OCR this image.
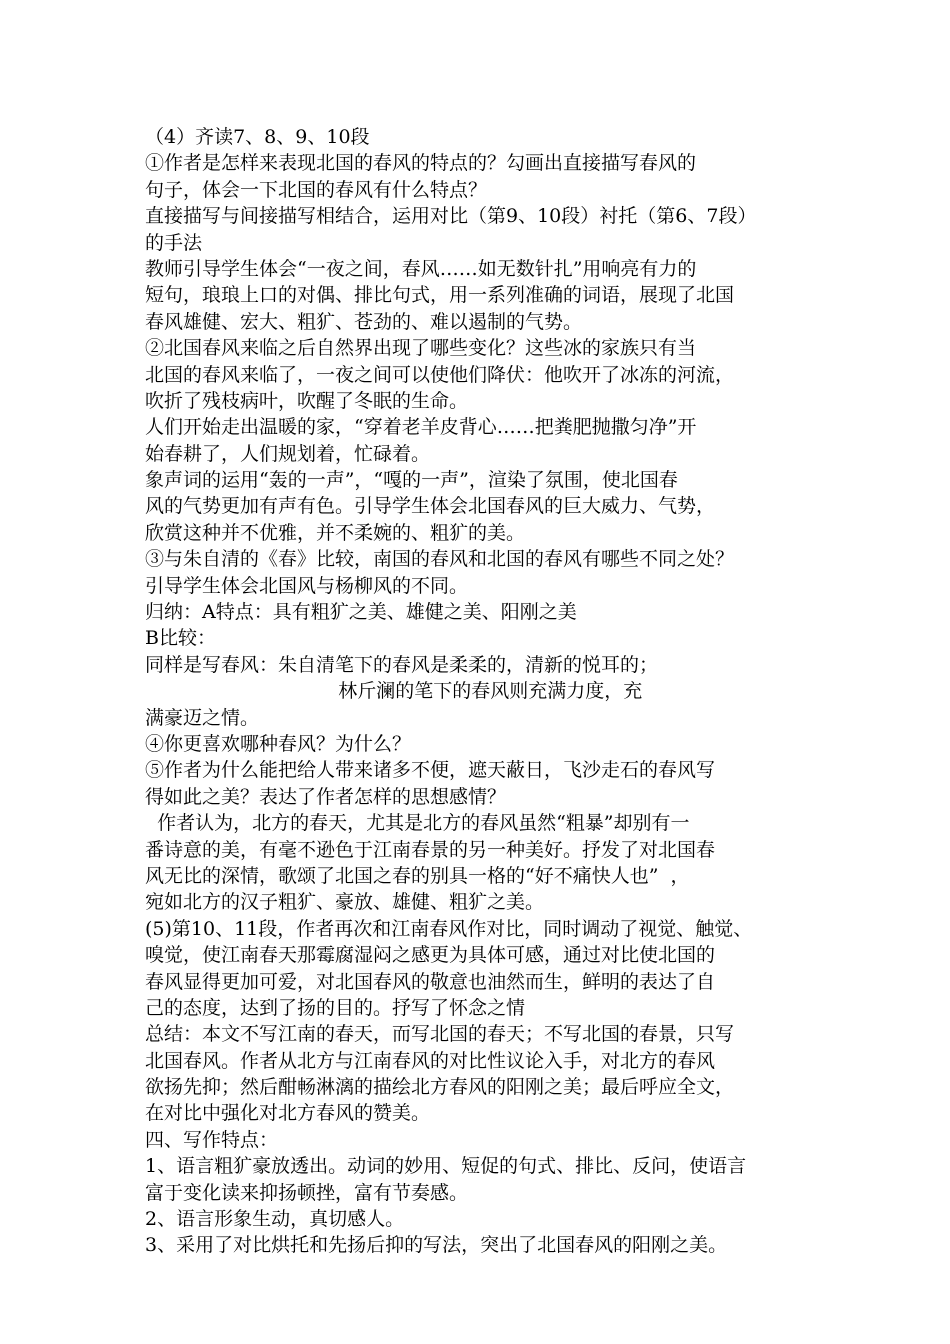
（4）齐读7、8、9、10段
①作者是怎样来表现北国的春风的特点的？勾画出直接描写春风的
句子，体会一下北国的春风有什么特点？
直接描写与间接描写相结合，运用对比（第9、10段）衬托（第6、7段）
的手法
教师引导学生体会“一夜之间，春风……如无数针扎”用响亮有力的
短句，琅琅上口的对偶、排比句式，用一系列准确的词语，展现了北国
春风雄健、宏大、粗犷、苍劲的、难以遏制的气势。
②北国春风来临之后自然界出现了哪些变化？这些冰的家族只有当
北国的春风来临了，一夜之间可以使他们降伏：他吹开了冰冻的河流，
吹折了残枝病叶，吹醒了冬眠的生命。
人们开始走出温暖的家，“穿着老羊皮背心……把粪肥抛撒匀净”开
始春耕了，人们规划着，忙碌着。
象声词的运用“轰的一声”，“嘎的一声”，渲染了氛围，使北国春
风的气势更加有声有色。引导学生体会北国春风的巨大威力、气势，
欣赏这种并不优雅，并不柔婉的、粗犷的美。
③与朱自清的《春》比较，南国的春风和北国的春风有哪些不同之处？
引导学生体会北国风与杨柳风的不同。
归纳：A特点：具有粗犷之美、雄健之美、阳刚之美
B比较：
同样是写春风：朱自清笔下的春风是柔柔的，清新的悦耳的；
林斤澜的笔下的春风则充满力度，充
满豪迈之情。
④你更喜欢哪种春风？为什么？
⑤作者为什么能把给人带来诸多不便，遮天蔽日，飞沙走石的春风写
得如此之美？表达了作者怎样的思想感情？
作者认为，北方的春天，尤其是北方的春风虽然“粗暴”却别有一
番诗意的美，有毫不逊色于江南春景的另一种美好。抒发了对北国春
风无比的深情，歌颂了北国之春的别具一格的“好不痛快人也”  ，
宛如北方的汉子粗犷、豪放、雄健、粗犷之美。
(5)第10、11段，作者再次和江南春风作对比，同时调动了视觉、触觉、
嗅觉，使江南春天那霉腐湿闷之感更为具体可感，通过对比使北国的
春风显得更加可爱，对北国春风的敬意也油然而生，鲜明的表达了自
己的态度，达到了扬的目的。抒写了怀念之情
总结：本文不写江南的春天，而写北国的春天；不写北国的春景，只写
北国春风。作者从北方与江南春风的对比性议论入手，对北方的春风
欲扬先抑；然后酣畅淋漓的描绘北方春风的阳刚之美；最后呼应全文，
在对比中强化对北方春风的赞美。
四、写作特点：
1、语言粗犷豪放透出。动词的妙用、短促的句式、排比、反问，使语言
富于变化读来抑扬顿挫，富有节奏感。
2、语言形象生动，真切感人。
3、采用了对比烘托和先扬后抑的写法，突出了北国春风的阳刚之美。
